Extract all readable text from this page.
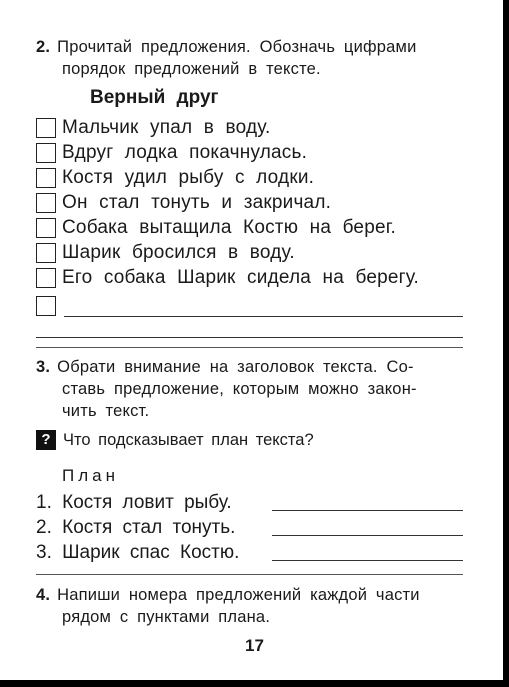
2. Прочитай предложения. Обозначь цифрами
порядок предложений в тексте.
Верный друг
Мальчик упал в воду.
Вдруг лодка покачнулась.
Костя удил рыбу с лодки.
Он стал тонуть и закричал.
Собака вытащила Костю на берег.
Шарик бросился в воду.
Его собака Шарик сидела на берегу.
3. Обрати внимание на заголовок текста. Со-
ставь предложение, которым можно закон-
чить текст.
? Что подсказывает план текста?
План
1. Костя ловит рыбу.
2. Костя стал тонуть.
3. Шарик спас Костю.
4. Напиши номера предложений каждой части
рядом с пунктами плана.
17
